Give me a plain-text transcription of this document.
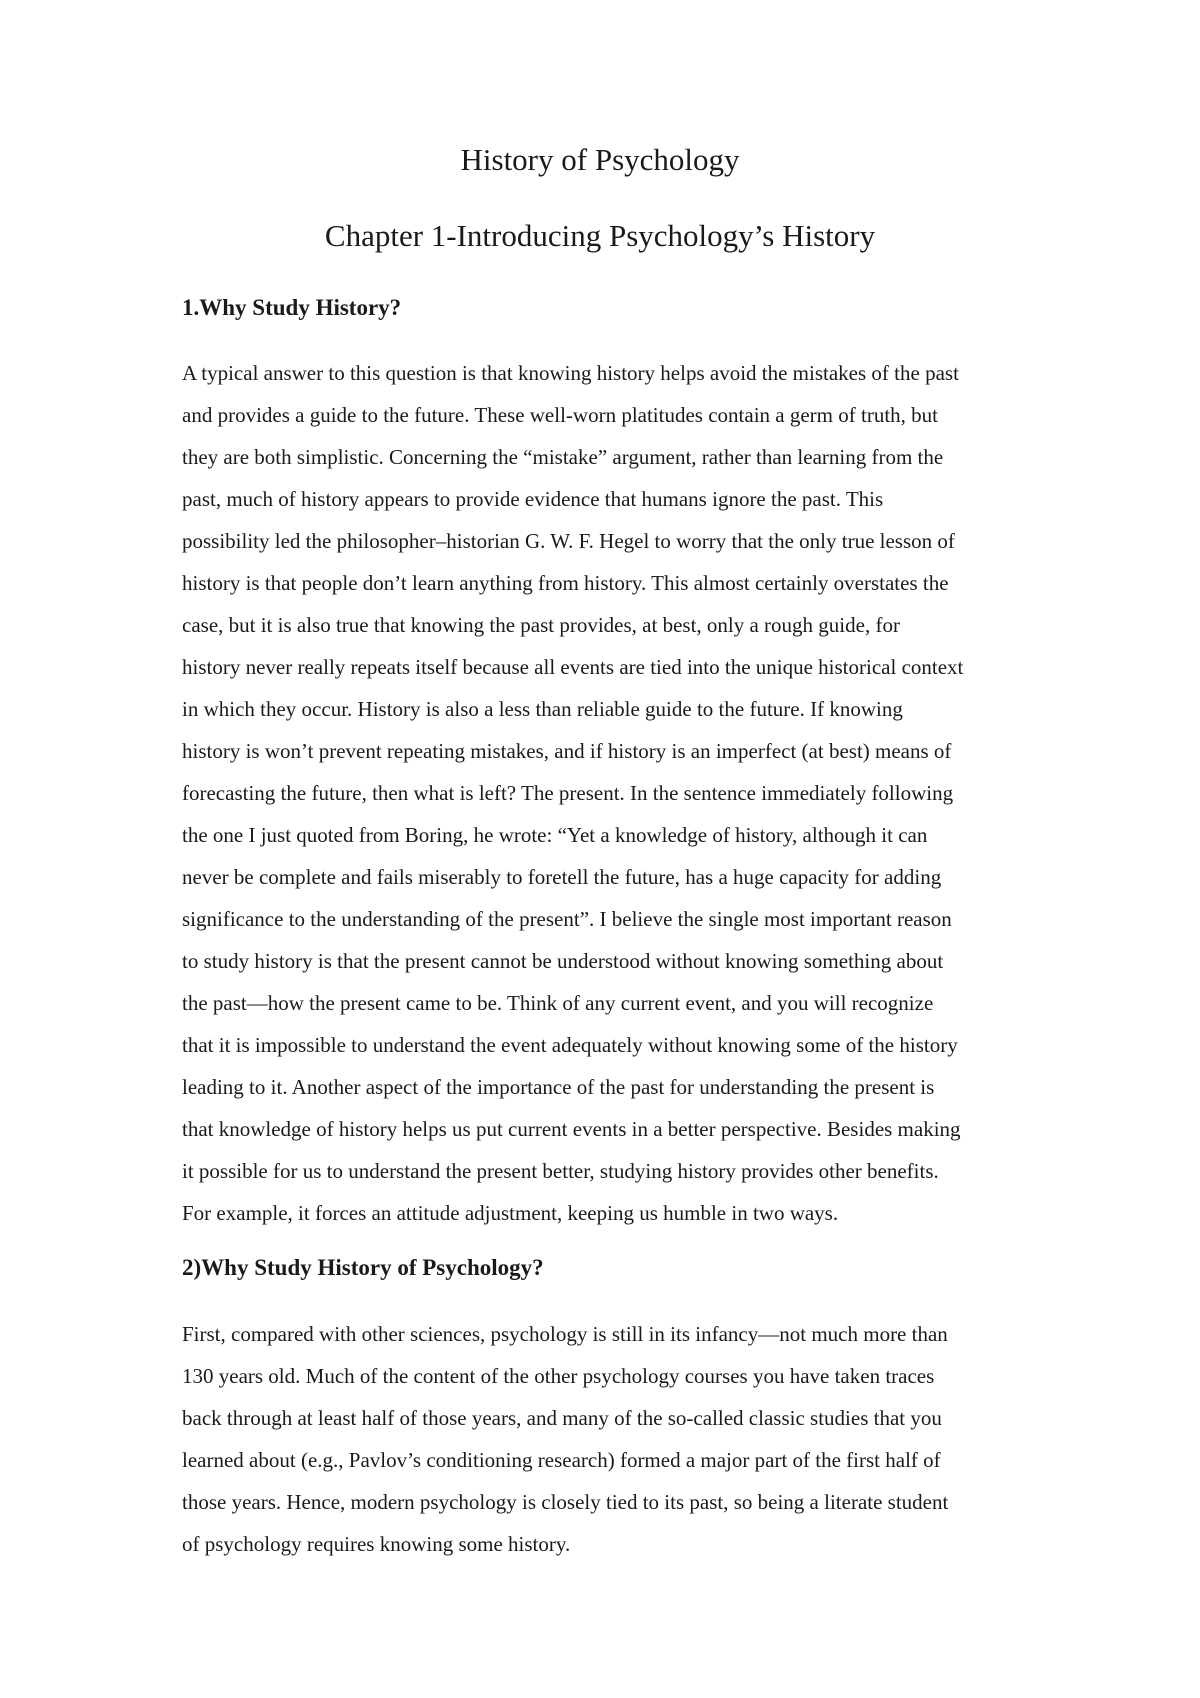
History of Psychology
Chapter 1-Introducing Psychology’s History
1.Why Study History?

A typical answer to this question is that knowing history helps avoid the mistakes of the past
and provides a guide to the future. These well-worn platitudes contain a germ of truth, but
they are both simplistic. Concerning the “mistake” argument, rather than learning from the
past, much of history appears to provide evidence that humans ignore the past. This
possibility led the philosopher–historian G. W. F. Hegel to worry that the only true lesson of
history is that people don’t learn anything from history. This almost certainly overstates the
case, but it is also true that knowing the past provides, at best, only a rough guide, for
history never really repeats itself because all events are tied into the unique historical context
in which they occur. History is also a less than reliable guide to the future. If knowing
history is won’t prevent repeating mistakes, and if history is an imperfect (at best) means of
forecasting the future, then what is left? The present. In the sentence immediately following
the one I just quoted from Boring, he wrote: “Yet a knowledge of history, although it can
never be complete and fails miserably to foretell the future, has a huge capacity for adding
significance to the understanding of the present”. I believe the single most important reason
to study history is that the present cannot be understood without knowing something about
the past—how the present came to be. Think of any current event, and you will recognize
that it is impossible to understand the event adequately without knowing some of the history
leading to it. Another aspect of the importance of the past for understanding the present is
that knowledge of history helps us put current events in a better perspective. Besides making
it possible for us to understand the present better, studying history provides other benefits.
For example, it forces an attitude adjustment, keeping us humble in two ways.

2)Why Study History of Psychology?

First, compared with other sciences, psychology is still in its infancy—not much more than
130 years old. Much of the content of the other psychology courses you have taken traces
back through at least half of those years, and many of the so-called classic studies that you
learned about (e.g., Pavlov’s conditioning research) formed a major part of the first half of
those years. Hence, modern psychology is closely tied to its past, so being a literate student
of psychology requires knowing some history.
